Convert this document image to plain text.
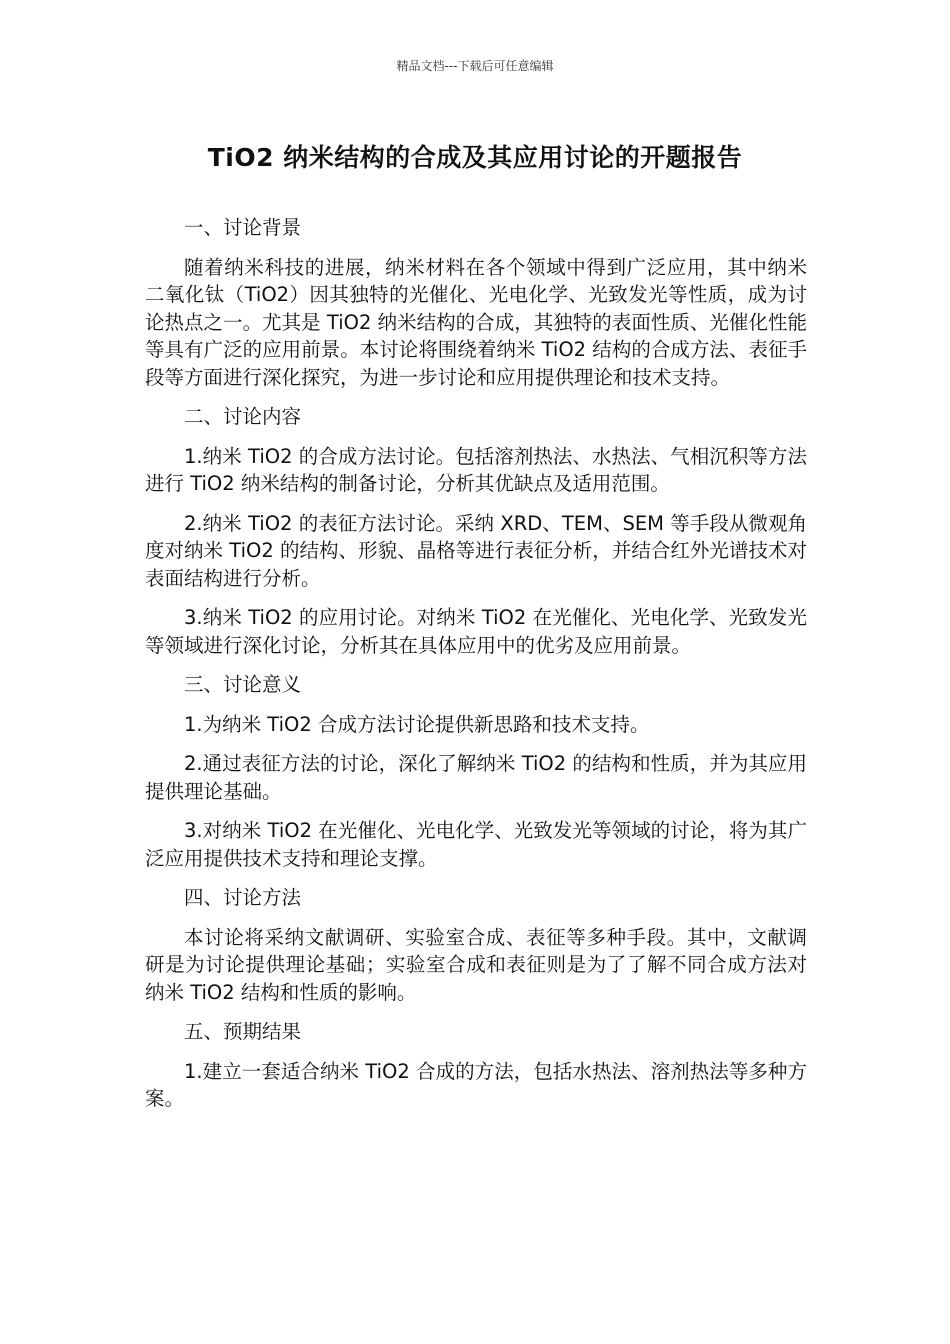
精品文档---下载后可任意编辑
TiO2 纳米结构的合成及其应用讨论的开题报告

一、讨论背景

随着纳米科技的进展，纳米材料在各个领域中得到广泛应用，其中纳米二氧化钛（TiO2）因其独特的光催化、光电化学、光致发光等性质，成为讨论热点之一。尤其是 TiO2 纳米结构的合成，其独特的表面性质、光催化性能等具有广泛的应用前景。本讨论将围绕着纳米 TiO2 结构的合成方法、表征手段等方面进行深化探究，为进一步讨论和应用提供理论和技术支持。

二、讨论内容

1.纳米 TiO2 的合成方法讨论。包括溶剂热法、水热法、气相沉积等方法进行 TiO2 纳米结构的制备讨论，分析其优缺点及适用范围。

2.纳米 TiO2 的表征方法讨论。采纳 XRD、TEM、SEM 等手段从微观角度对纳米 TiO2 的结构、形貌、晶格等进行表征分析，并结合红外光谱技术对表面结构进行分析。

3.纳米 TiO2 的应用讨论。对纳米 TiO2 在光催化、光电化学、光致发光等领域进行深化讨论，分析其在具体应用中的优劣及应用前景。

三、讨论意义

1.为纳米 TiO2 合成方法讨论提供新思路和技术支持。

2.通过表征方法的讨论，深化了解纳米 TiO2 的结构和性质，并为其应用提供理论基础。

3.对纳米 TiO2 在光催化、光电化学、光致发光等领域的讨论，将为其广泛应用提供技术支持和理论支撑。

四、讨论方法

本讨论将采纳文献调研、实验室合成、表征等多种手段。其中，文献调研是为讨论提供理论基础；实验室合成和表征则是为了了解不同合成方法对纳米 TiO2 结构和性质的影响。

五、预期结果

1.建立一套适合纳米 TiO2 合成的方法，包括水热法、溶剂热法等多种方案。
